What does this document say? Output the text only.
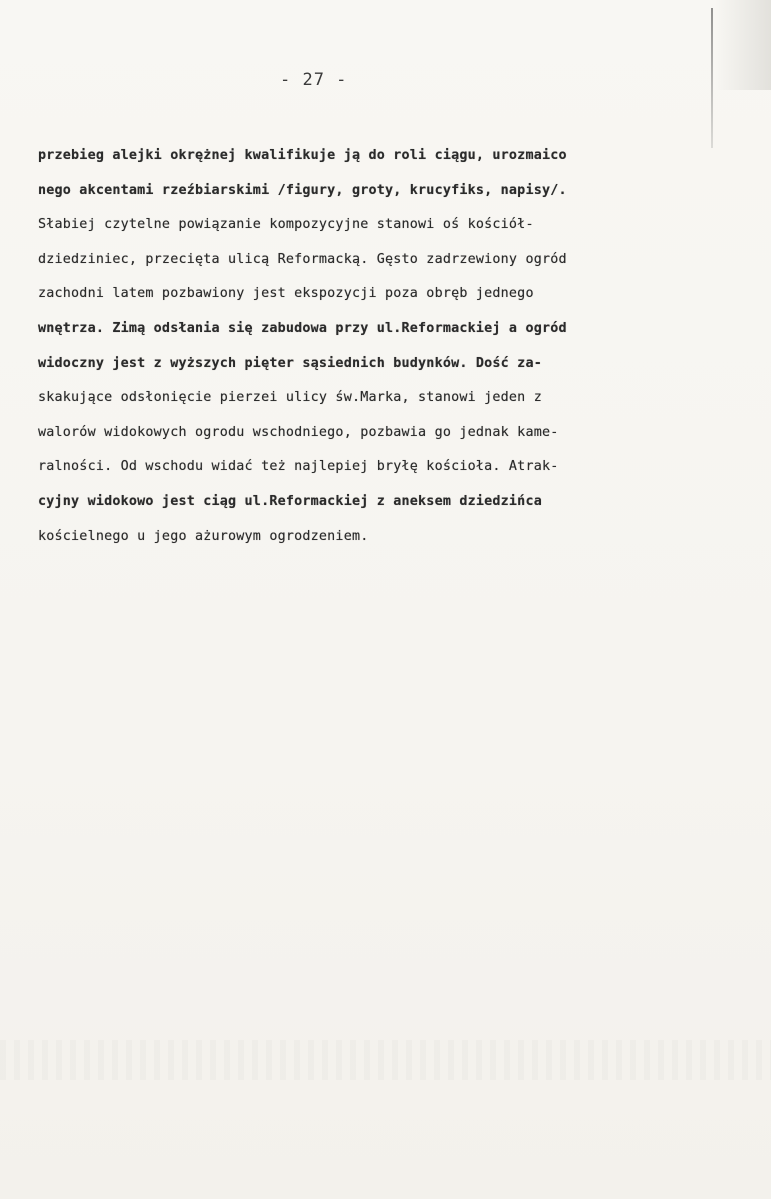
- 27 -
przebieg alejki okrężnej kwalifikuje ją do roli ciągu, urozmaico
nego akcentami rzeźbiarskimi /figury, groty, krucyfiks, napisy/.
Słabiej czytelne powiązanie kompozycyjne stanowi oś kościół-
dziedziniec, przecięta ulicą Reformacką. Gęsto zadrzewiony ogród
zachodni latem pozbawiony jest ekspozycji poza obręb jednego
wnętrza. Zimą odsłania się zabudowa przy ul.Reformackiej a ogród
widoczny jest z wyższych pięter sąsiednich budynków. Dość za-
skakujące odsłonięcie pierzei ulicy św.Marka, stanowi jeden z
walorów widokowych ogrodu wschodniego, pozbawia go jednak kame-
ralności. Od wschodu widać też najlepiej bryłę kościoła. Atrak-
cyjny widokowo jest ciąg ul.Reformackiej z aneksem dziedzińca
kościelnego u jego ażurowym ogrodzeniem.
